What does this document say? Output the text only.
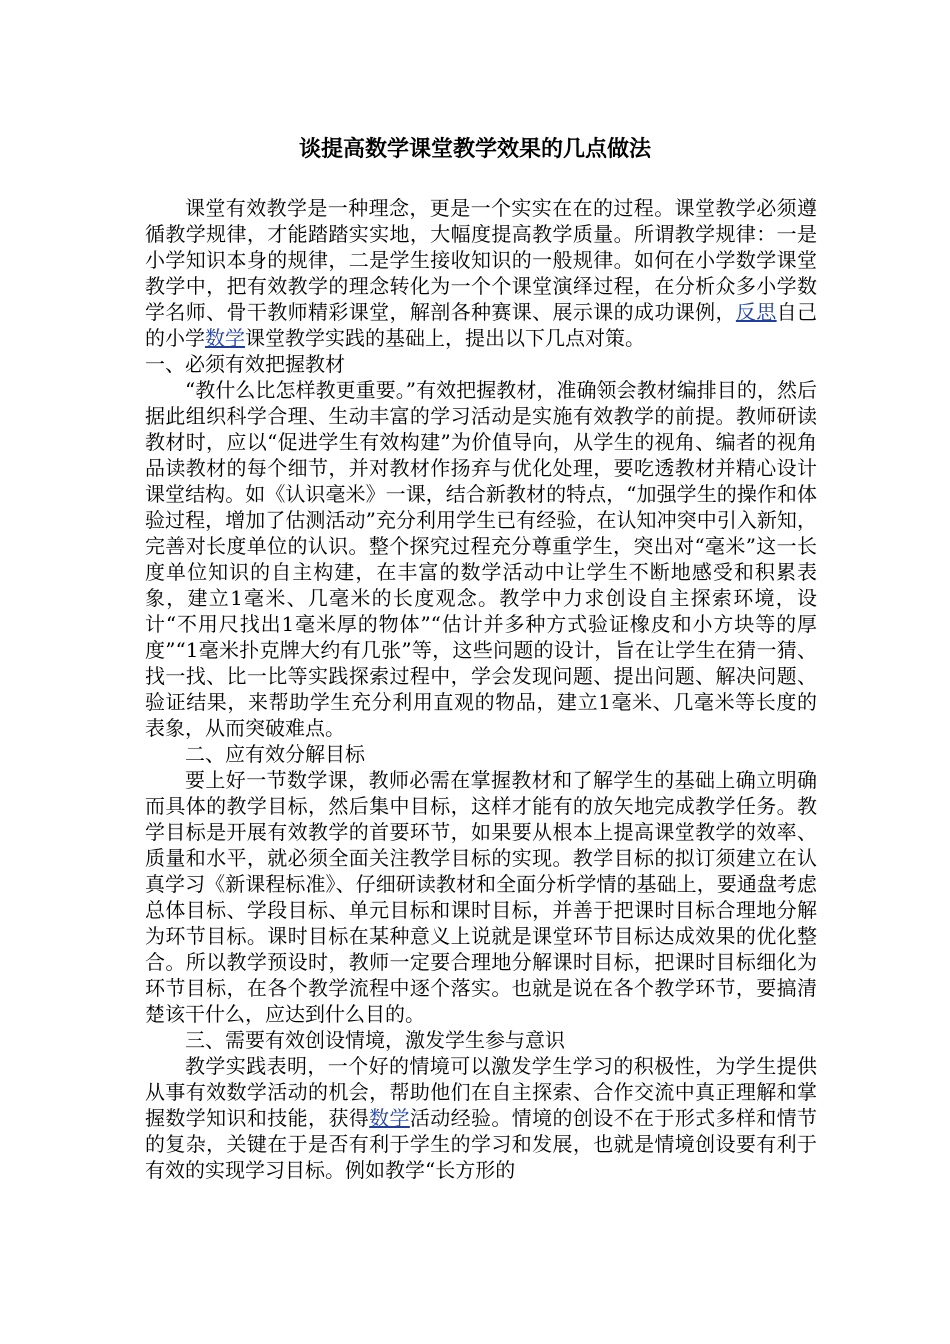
谈提高数学课堂教学效果的几点做法

课堂有效教学是一种理念，更是一个实实在在的过程。课堂教学必须遵循教学规律，才能踏踏实实地，大幅度提高教学质量。所谓教学规律：一是小学知识本身的规律，二是学生接收知识的一般规律。如何在小学数学课堂教学中，把有效教学的理念转化为一个个课堂演绎过程，在分析众多小学数学名师、骨干教师精彩课堂，解剖各种赛课、展示课的成功课例，反思自己的小学数学课堂教学实践的基础上，提出以下几点对策。

一、必须有效把握教材

“教什么比怎样教更重要。”有效把握教材，准确领会教材编排目的，然后据此组织科学合理、生动丰富的学习活动是实施有效教学的前提。教师研读教材时，应以“促进学生有效构建”为价值导向，从学生的视角、编者的视角品读教材的每个细节，并对教材作扬弃与优化处理，要吃透教材并精心设计课堂结构。如《认识毫米》一课，结合新教材的特点，“加强学生的操作和体验过程，增加了估测活动”充分利用学生已有经验，在认知冲突中引入新知，完善对长度单位的认识。整个探究过程充分尊重学生，突出对“毫米”这一长度单位知识的自主构建，在丰富的数学活动中让学生不断地感受和积累表象，建立1毫米、几毫米的长度观念。教学中力求创设自主探索环境，设计“不用尺找出1毫米厚的物体”“估计并多种方式验证橡皮和小方块等的厚度”“1毫米扑克牌大约有几张”等，这些问题的设计，旨在让学生在猜一猜、找一找、比一比等实践探索过程中，学会发现问题、提出问题、解决问题、验证结果，来帮助学生充分利用直观的物品，建立1毫米、几毫米等长度的表象，从而突破难点。

二、应有效分解目标

要上好一节数学课，教师必需在掌握教材和了解学生的基础上确立明确而具体的教学目标，然后集中目标，这样才能有的放矢地完成教学任务。教学目标是开展有效教学的首要环节，如果要从根本上提高课堂教学的效率、质量和水平，就必须全面关注教学目标的实现。教学目标的拟订须建立在认真学习《新课程标准》、仔细研读教材和全面分析学情的基础上，要通盘考虑总体目标、学段目标、单元目标和课时目标，并善于把课时目标合理地分解为环节目标。课时目标在某种意义上说就是课堂环节目标达成效果的优化整合。所以教学预设时，教师一定要合理地分解课时目标，把课时目标细化为环节目标，在各个教学流程中逐个落实。也就是说在各个教学环节，要搞清楚该干什么，应达到什么目的。

三、需要有效创设情境，激发学生参与意识

教学实践表明，一个好的情境可以激发学生学习的积极性，为学生提供从事有效数学活动的机会，帮助他们在自主探索、合作交流中真正理解和掌握数学知识和技能，获得数学活动经验。情境的创设不在于形式多样和情节的复杂，关键在于是否有利于学生的学习和发展，也就是情境创设要有利于有效的实现学习目标。例如教学“长方形的
